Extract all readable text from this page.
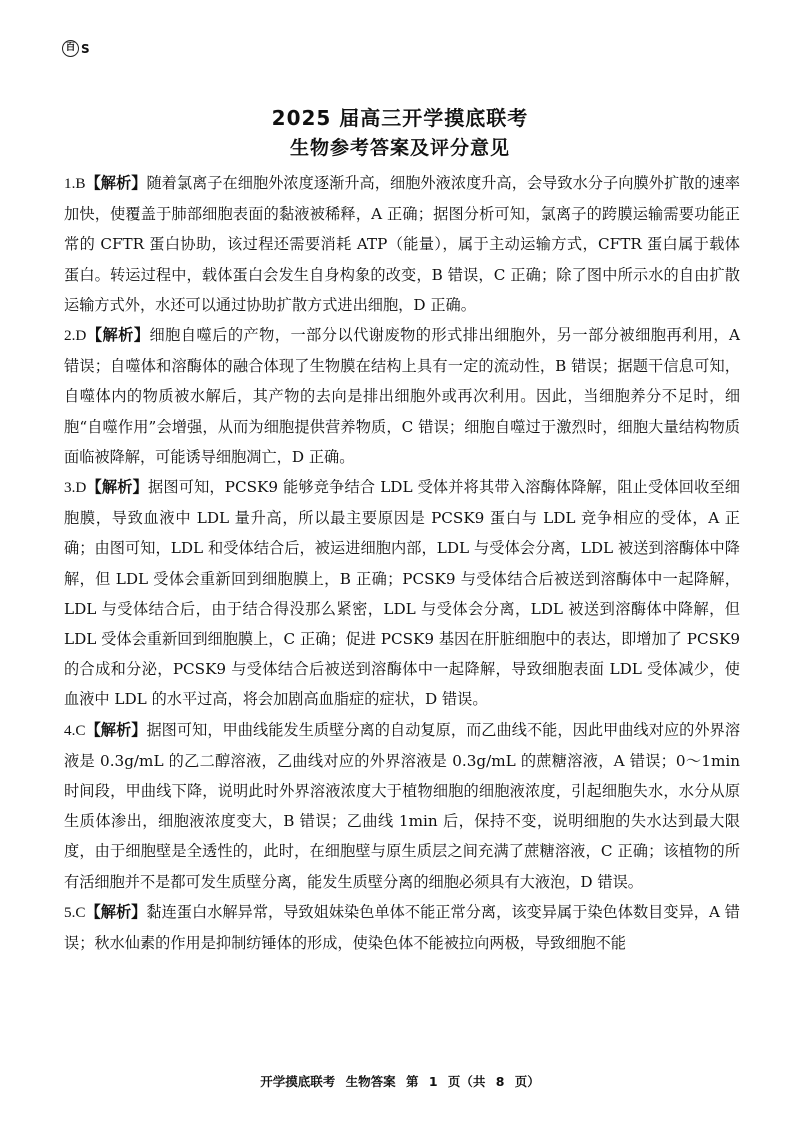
百 S
2025 届高三开学摸底联考
生物参考答案及评分意见

1.B【解析】随着氯离子在细胞外浓度逐渐升高，细胞外液浓度升高，会导致水分子向膜外扩散的速率加快，使覆盖于肺部细胞表面的黏液被稀释，A 正确；据图分析可知，氯离子的跨膜运输需要功能正常的 CFTR 蛋白协助，该过程还需要消耗 ATP（能量），属于主动运输方式，CFTR 蛋白属于载体蛋白。转运过程中，载体蛋白会发生自身构象的改变，B 错误，C 正确；除了图中所示水的自由扩散运输方式外，水还可以通过协助扩散方式进出细胞，D 正确。

2.D【解析】细胞自噬后的产物，一部分以代谢废物的形式排出细胞外，另一部分被细胞再利用，A 错误；自噬体和溶酶体的融合体现了生物膜在结构上具有一定的流动性，B 错误；据题干信息可知，自噬体内的物质被水解后，其产物的去向是排出细胞外或再次利用。因此，当细胞养分不足时，细胞“自噬作用”会增强，从而为细胞提供营养物质，C 错误；细胞自噬过于激烈时，细胞大量结构物质面临被降解，可能诱导细胞凋亡，D 正确。

3.D【解析】据图可知，PCSK9 能够竞争结合 LDL 受体并将其带入溶酶体降解，阻止受体回收至细胞膜，导致血液中 LDL 量升高，所以最主要原因是 PCSK9 蛋白与 LDL 竞争相应的受体，A 正确；由图可知，LDL 和受体结合后，被运进细胞内部，LDL 与受体会分离，LDL 被送到溶酶体中降解，但 LDL 受体会重新回到细胞膜上，B 正确；PCSK9 与受体结合后被送到溶酶体中一起降解，LDL 与受体结合后，由于结合得没那么紧密，LDL 与受体会分离，LDL 被送到溶酶体中降解，但 LDL 受体会重新回到细胞膜上，C 正确；促进 PCSK9 基因在肝脏细胞中的表达，即增加了 PCSK9 的合成和分泌，PCSK9 与受体结合后被送到溶酶体中一起降解，导致细胞表面 LDL 受体减少，使血液中 LDL 的水平过高，将会加剧高血脂症的症状，D 错误。

4.C【解析】据图可知，甲曲线能发生质壁分离的自动复原，而乙曲线不能，因此甲曲线对应的外界溶液是 0.3g/mL 的乙二醇溶液，乙曲线对应的外界溶液是 0.3g/mL 的蔗糖溶液，A 错误；0～1min 时间段，甲曲线下降，说明此时外界溶液浓度大于植物细胞的细胞液浓度，引起细胞失水，水分从原生质体渗出，细胞液浓度变大，B 错误；乙曲线 1min 后，保持不变，说明细胞的失水达到最大限度，由于细胞壁是全透性的，此时，在细胞壁与原生质层之间充满了蔗糖溶液，C 正确；该植物的所有活细胞并不是都可发生质壁分离，能发生质壁分离的细胞必须具有大液泡，D 错误。

5.C【解析】黏连蛋白水解异常，导致姐妹染色单体不能正常分离，该变异属于染色体数目变异，A 错误；秋水仙素的作用是抑制纺锤体的形成，使染色体不能被拉向两极，导致细胞不能

开学摸底联考 生物答案 第 1 页（共 8 页）
